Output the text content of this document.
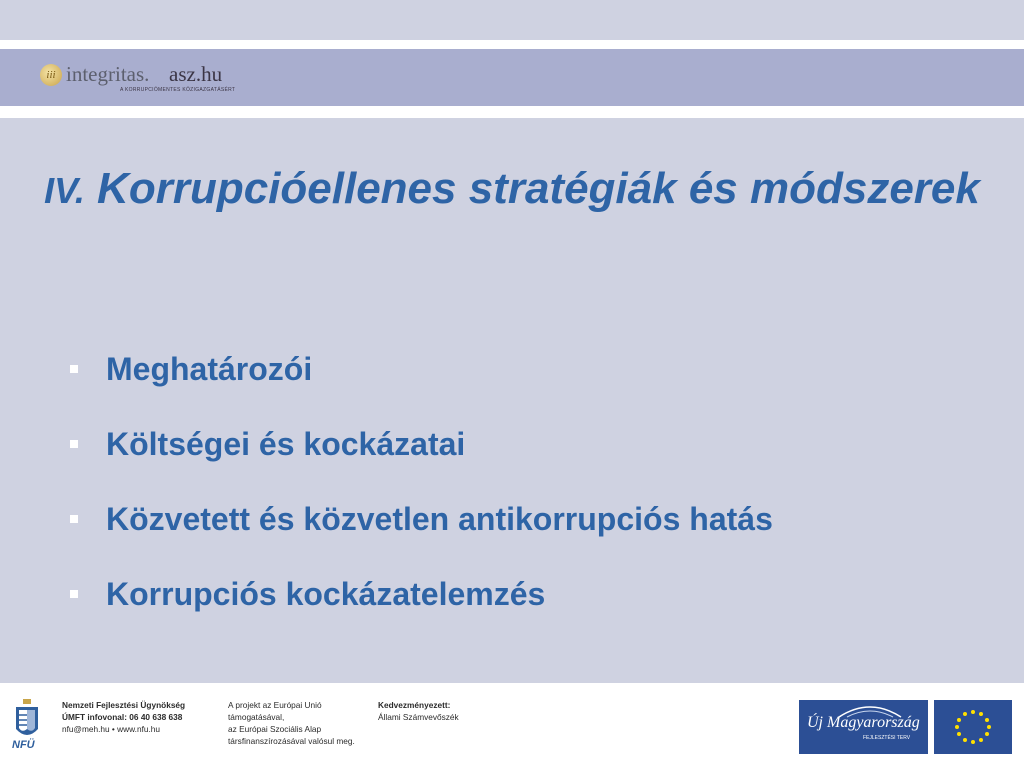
iii integritas. asz.hu
A KORRUPCIÓMENTES KÖZIGAZGATÁSÉRT
IV. Korrupcióellenes stratégiák és módszerek
Meghatározói
Költségei és kockázatai
Közvetett és közvetlen antikorrupciós hatás
Korrupciós kockázatelemzés
NFÜ
Nemzeti Fejlesztési Ügynökség
ÚMFT infovonal: 06 40 638 638
nfu@meh.hu • www.nfu.hu
A projekt az Európai Unió
támogatásával,
az Európai Szociális Alap
társfinanszírozásával valósul meg.
Kedvezményezett:
Állami Számvevőszék	Új Magyarország
FEJLESZTÉSI TERV
